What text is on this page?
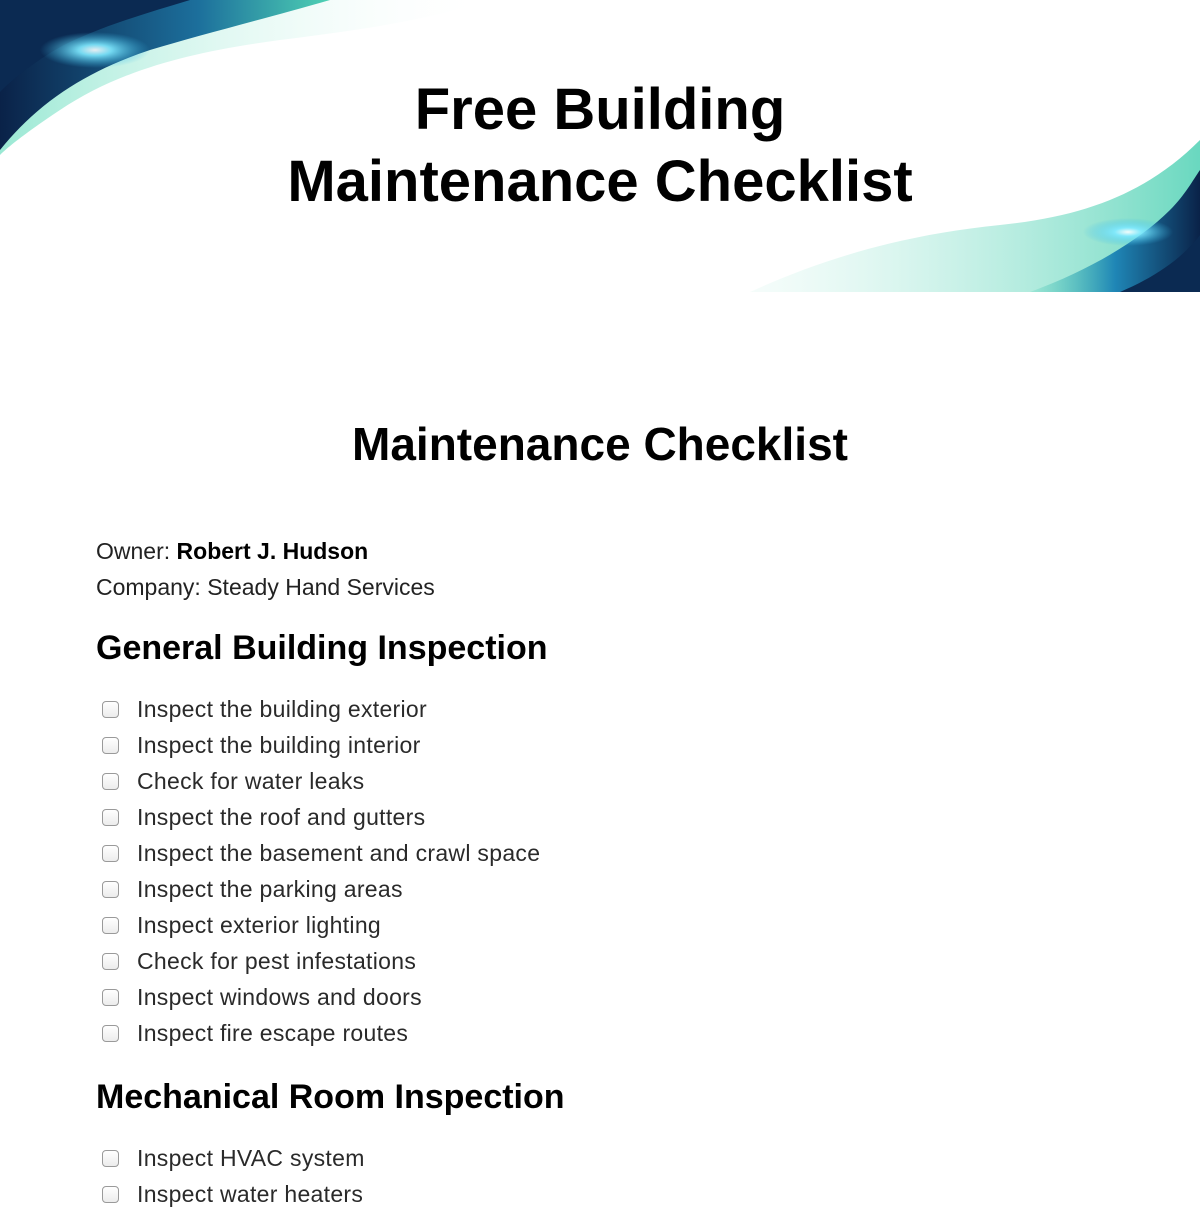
Free Building
Maintenance Checklist
Maintenance Checklist
Owner: Robert J. Hudson
Company: Steady Hand Services
General Building Inspection
Inspect the building exterior
Inspect the building interior
Check for water leaks
Inspect the roof and gutters
Inspect the basement and crawl space
Inspect the parking areas
Inspect exterior lighting
Check for pest infestations
Inspect windows and doors
Inspect fire escape routes
Mechanical Room Inspection
Inspect HVAC system
Inspect water heaters
